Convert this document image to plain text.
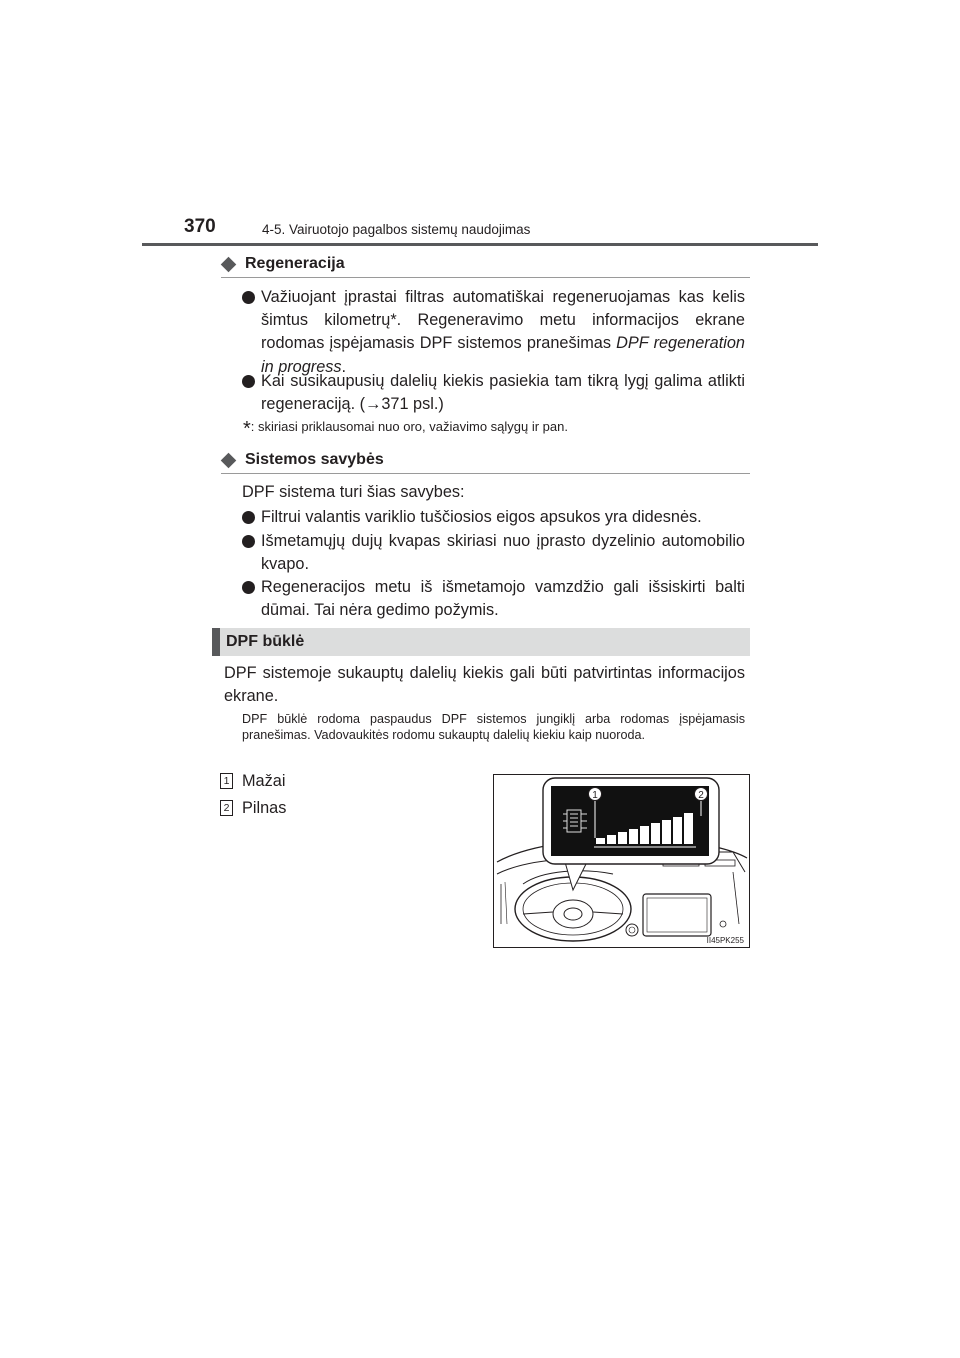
370	4-5. Vairuotojo pagalbos sistemų naudojimas
Regeneracija
Važiuojant įprastai filtras automatiškai regeneruojamas kas kelis šimtus kilometrų*. Regeneravimo metu informacijos ekrane rodomas įspėjamasis DPF sistemos pranešimas DPF regeneration in progress.
Kai susikaupusių dalelių kiekis pasiekia tam tikrą lygį galima atlikti regeneraciją. (→371 psl.)
*: skiriasi priklausomai nuo oro, važiavimo sąlygų ir pan.
Sistemos savybės
DPF sistema turi šias savybes:
Filtrui valantis variklio tuščiosios eigos apsukos yra didesnės.
Išmetamųjų dujų kvapas skiriasi nuo įprasto dyzelinio automobilio kvapo.
Regeneracijos metu iš išmetamojo vamzdžio gali išsiskirti balti dūmai. Tai nėra gedimo požymis.
DPF būklė
DPF sistemoje sukauptų dalelių kiekis gali būti patvirtintas informacijos ekrane.
DPF būklė rodoma paspaudus DPF sistemos jungiklį arba rodomas įspėjamasis pranešimas. Vadovaukitės rodomu sukauptų dalelių kiekiu kaip nuoroda.
1 Mažai
2 Pilnas
1	2
II45PK255
